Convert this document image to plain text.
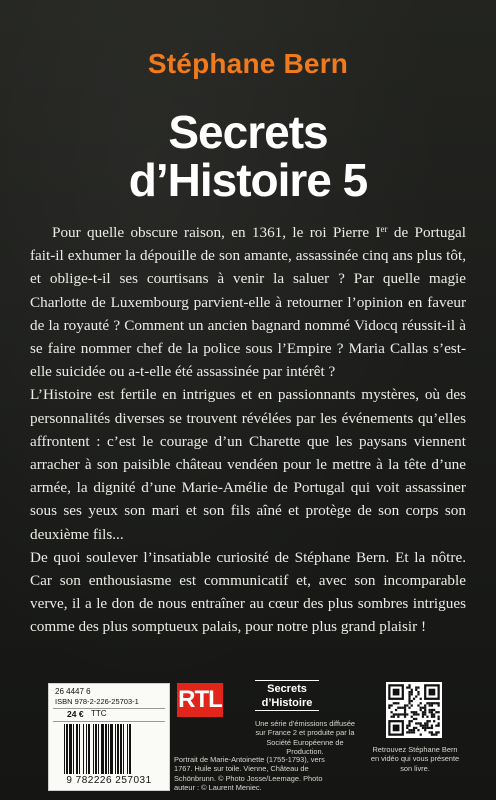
Stéphane Bern
Secrets
d’Histoire 5

Pour quelle obscure raison, en 1361, le roi Pierre Ier de Portugal fait-il exhumer la dépouille de son amante, assassinée cinq ans plus tôt, et oblige-t-il ses courtisans à venir la saluer ? Par quelle magie Charlotte de Luxembourg parvient-elle à retourner l’opinion en faveur de la royauté ? Comment un ancien bagnard nommé Vidocq réussit-il à se faire nommer chef de la police sous l’Empire ? Maria Callas s’est-elle suicidée ou a-t-elle été assassinée par intérêt ?

L’Histoire est fertile en intrigues et en passionnants mystères, où des personnalités diverses se trouvent révélées par les événements qu’elles affrontent : c’est le courage d’un Charette que les paysans viennent arracher à son paisible château vendéen pour le mettre à la tête d’une armée, la dignité d’une Marie-Amélie de Portugal qui voit assassiner sous ses yeux son mari et son fils aîné et protège de son corps son deuxième fils...

De quoi soulever l’insatiable curiosité de Stéphane Bern. Et la nôtre. Car son enthousiasme est communicatif et, avec son incomparable verve, il a le don de nous entraîner au cœur des plus sombres intrigues comme des plus somptueux palais, pour notre plus grand plaisir !

26 4447 6
ISBN 978-2-226-25703-1
24 € TTC
9 782226 257031
RTL	Secrets
d’Histoire
Une série d’émissions diffusée sur France 2 et produite par la Société Européenne de Production.
Portrait de Marie-Antoinette (1755-1793), vers 1767. Huile sur toile. Vienne, Château de Schönbrunn. © Photo Josse/Leemage. Photo auteur : © Laurent Meniec.
Retrouvez Stéphane Bern en vidéo qui vous présente son livre.
